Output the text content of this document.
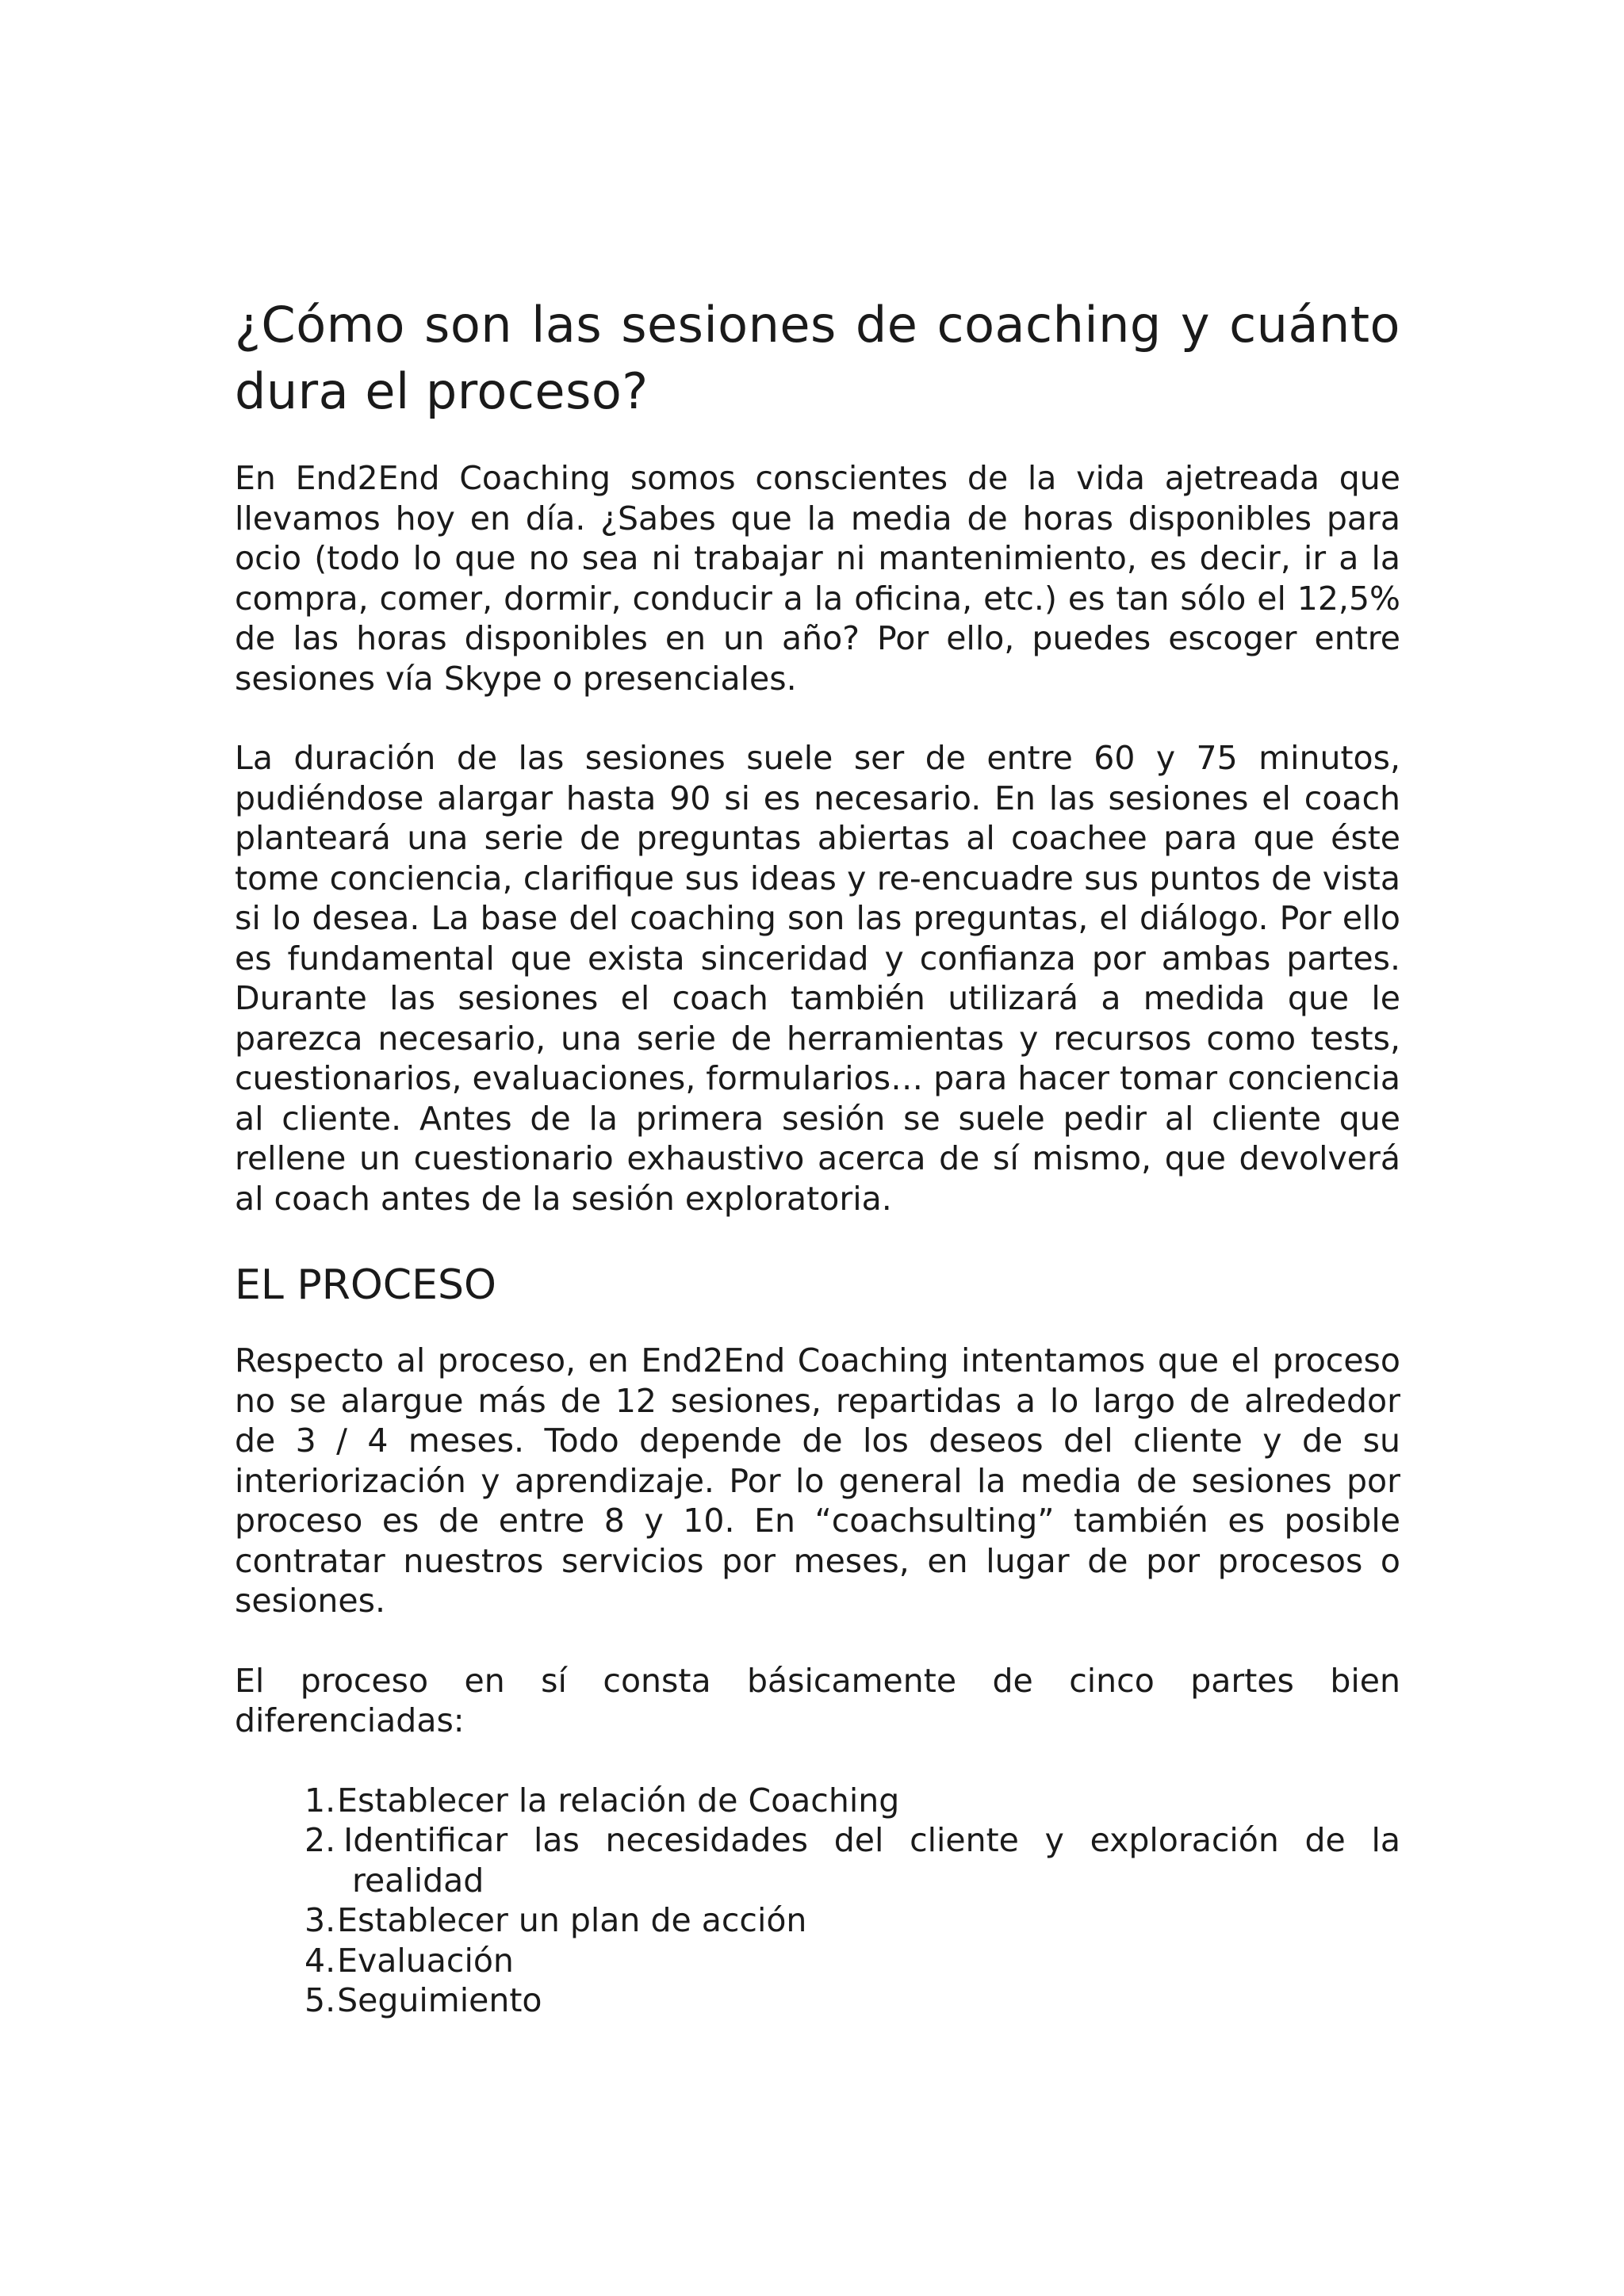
¿Cómo son las sesiones de coaching y cuánto dura el proceso?

En End2End Coaching somos conscientes de la vida ajetreada que llevamos hoy en día. ¿Sabes que la media de horas disponibles para ocio (todo lo que no sea ni trabajar ni mantenimiento, es decir, ir a la compra, comer, dormir, conducir a la oficina, etc.) es tan sólo el 12,5% de las horas disponibles en un año? Por ello, puedes escoger entre sesiones vía Skype o presenciales.

La duración de las sesiones suele ser de entre 60 y 75 minutos, pudiéndose alargar hasta 90 si es necesario. En las sesiones el coach planteará una serie de preguntas abiertas al coachee para que éste tome conciencia, clarifique sus ideas y re-encuadre sus puntos de vista si lo desea. La base del coaching son las preguntas, el diálogo. Por ello es fundamental que exista sinceridad y confianza por ambas partes. Durante las sesiones el coach también utilizará a medida que le parezca necesario, una serie de herramientas y recursos como tests, cuestionarios, evaluaciones, formularios… para hacer tomar conciencia al cliente. Antes de la primera sesión se suele pedir al cliente que rellene un cuestionario exhaustivo acerca de sí mismo, que devolverá al coach antes de la sesión exploratoria.

EL PROCESO

Respecto al proceso, en End2End Coaching intentamos que el proceso no se alargue más de 12 sesiones, repartidas a lo largo de alrededor de 3 / 4 meses. Todo depende de los deseos del cliente y de su interiorización y aprendizaje. Por lo general la media de sesiones por proceso es de entre 8 y 10. En “coachsulting” también es posible contratar nuestros servicios por meses, en lugar de por procesos o sesiones.

El proceso en sí consta básicamente de cinco partes bien diferenciadas:

1. Establecer la relación de Coaching
2. Identificar las necesidades del cliente y exploración de la realidad
3. Establecer un plan de acción
4. Evaluación
5. Seguimiento
